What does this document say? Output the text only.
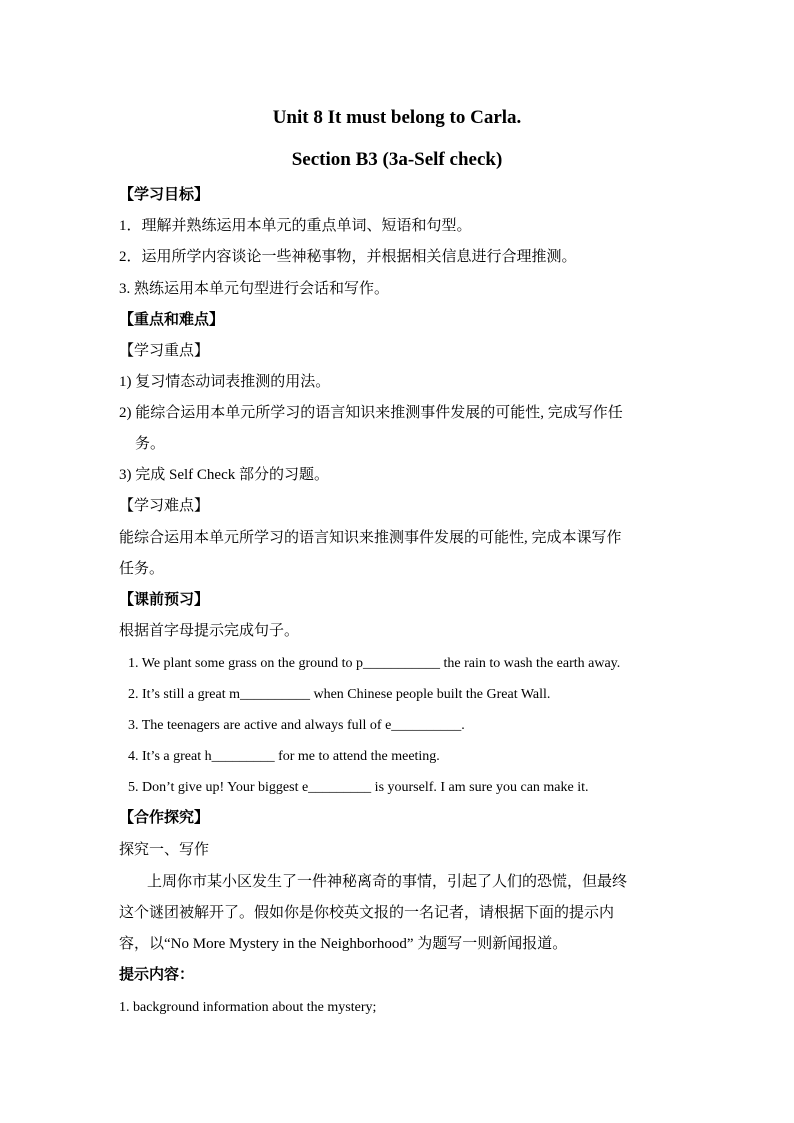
Unit 8 It must belong to Carla.
Section B3 (3a-Self check)
【学习目标】
1．理解并熟练运用本单元的重点单词、短语和句型。
2．运用所学内容谈论一些神秘事物，并根据相关信息进行合理推测。
3. 熟练运用本单元句型进行会话和写作。
【重点和难点】
【学习重点】
1) 复习情态动词表推测的用法。
2) 能综合运用本单元所学习的语言知识来推测事件发展的可能性, 完成写作任
务。
3) 完成 Self Check 部分的习题。
【学习难点】
能综合运用本单元所学习的语言知识来推测事件发展的可能性, 完成本课写作
任务。
【课前预习】
根据首字母提示完成句子。
1. We plant some grass on the ground to p___________ the rain to wash the earth away.
2. It’s still a great m__________ when Chinese people built the Great Wall.
3. The teenagers are active and always full of e__________.
4. It’s a great h_________ for me to attend the meeting.
5. Don’t give up! Your biggest e_________ is yourself. I am sure you can make it.
【合作探究】
探究一、写作
上周你市某小区发生了一件神秘离奇的事情，引起了人们的恐慌，但最终
这个谜团被解开了。假如你是你校英文报的一名记者，请根据下面的提示内
容，以“No More Mystery in the Neighborhood” 为题写一则新闻报道。
提示内容：
1. background information about the mystery;
